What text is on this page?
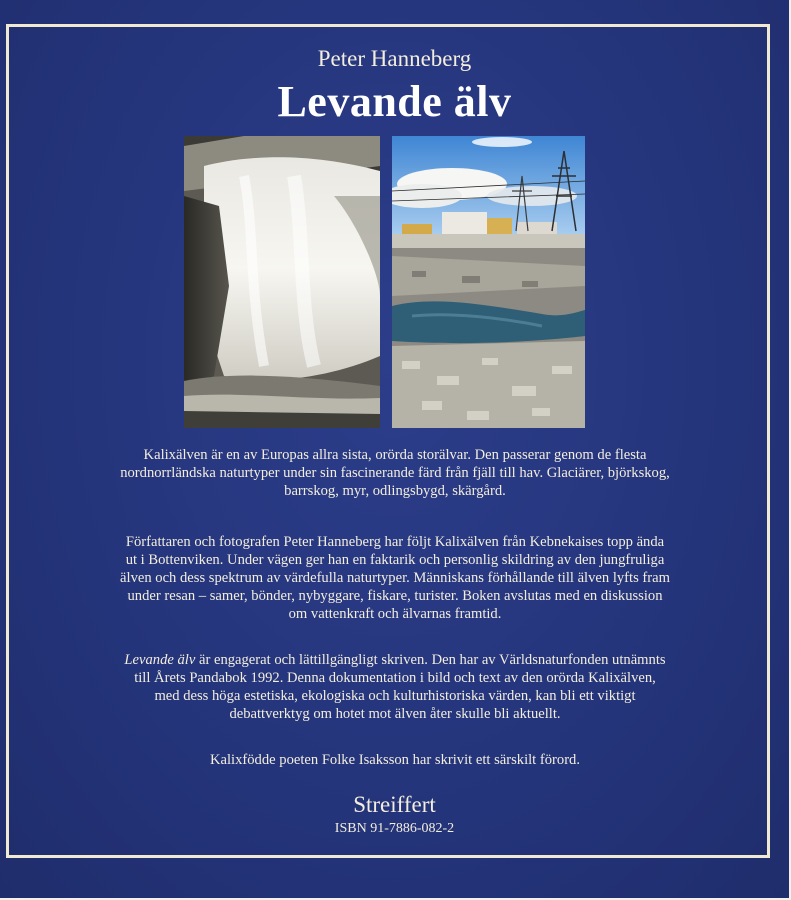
Peter Hanneberg
Levande älv
Kalixälven är en av Europas allra sista, orörda storälvar. Den passerar genom de flesta nordnorrländska naturtyper under sin fascinerande färd från fjäll till hav. Glaciärer, björkskog, barrskog, myr, odlingsbygd, skärgård.
Författaren och fotografen Peter Hanneberg har följt Kalixälven från Kebnekaises topp ända ut i Bottenviken. Under vägen ger han en faktarik och personlig skildring av den jungfruliga älven och dess spektrum av värdefulla naturtyper. Människans förhållande till älven lyfts fram under resan – samer, bönder, nybyggare, fiskare, turister. Boken avslutas med en diskussion om vattenkraft och älvarnas framtid.
Levande älv är engagerat och lättillgängligt skriven. Den har av Världsnaturfonden utnämnts till Årets Pandabok 1992. Denna dokumentation i bild och text av den orörda Kalixälven, med dess höga estetiska, ekologiska och kulturhistoriska värden, kan bli ett viktigt debattverktyg om hotet mot älven åter skulle bli aktuellt.
Kalixfödde poeten Folke Isaksson har skrivit ett särskilt förord.
Streiffert
ISBN 91-7886-082-2
